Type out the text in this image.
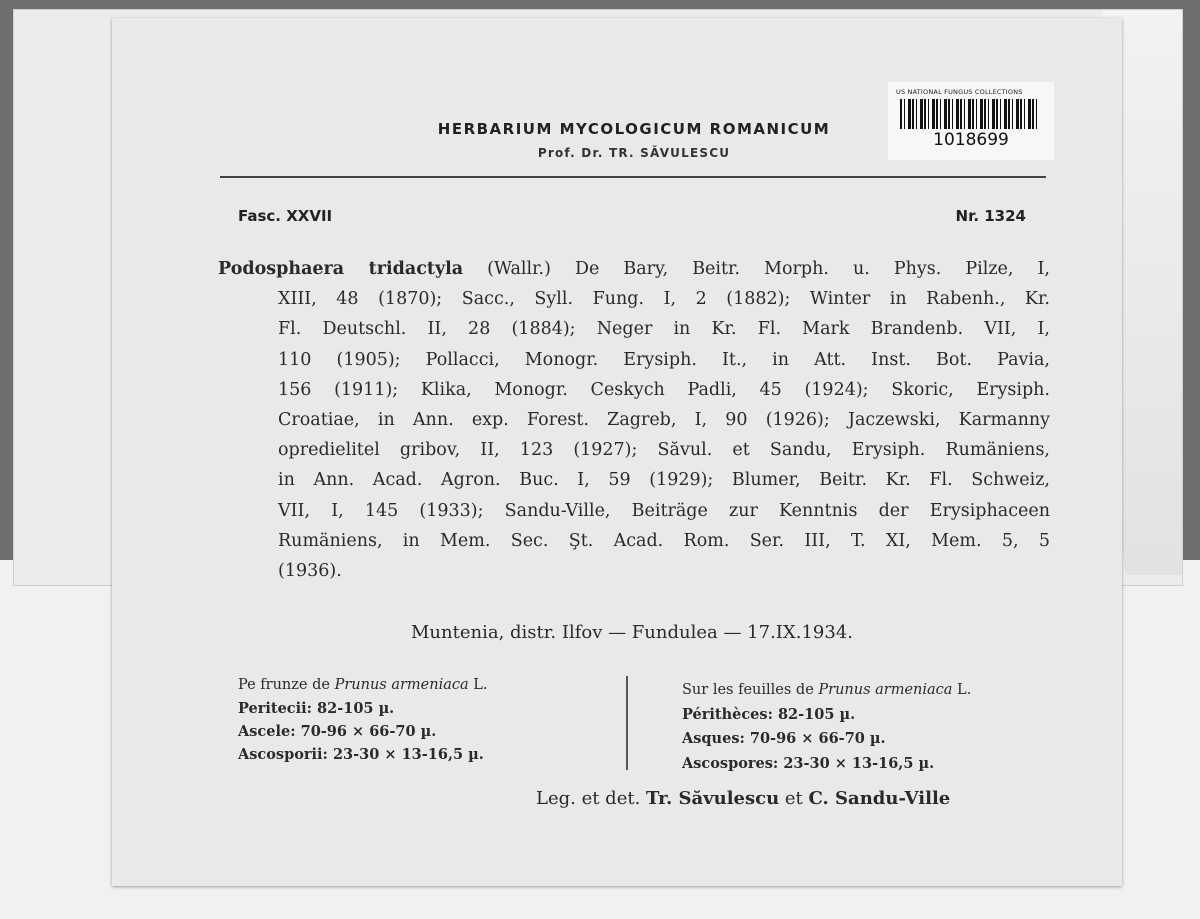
HERBARIUM MYCOLOGICUM ROMANICUM
Prof. Dr. TR. SĂVULESCU
US NATIONAL FUNGUS COLLECTIONS
1018699
Fasc. XXVII	Nr. 1324
Podosphaera tridactyla (Wallr.) De Bary, Beitr. Morph. u. Phys. Pilze, I,
XIII, 48 (1870); Sacc., Syll. Fung. I, 2 (1882); Winter in Rabenh., Kr.
Fl. Deutschl. II, 28 (1884); Neger in Kr. Fl. Mark Brandenb. VII, I,
110 (1905); Pollacci, Monogr. Erysiph. It., in Att. Inst. Bot. Pavia,
156 (1911); Klika, Monogr. Ceskych Padli, 45 (1924); Skoric, Erysiph.
Croatiae, in Ann. exp. Forest. Zagreb, I, 90 (1926); Jaczewski, Karmanny
opredielitel gribov, II, 123 (1927); Săvul. et Sandu, Erysiph. Rumäniens,
in Ann. Acad. Agron. Buc. I, 59 (1929); Blumer, Beitr. Kr. Fl. Schweiz,
VII, I, 145 (1933); Sandu-Ville, Beiträge zur Kenntnis der Erysiphaceen
Rumäniens, in Mem. Sec. Şt. Acad. Rom. Ser. III, T. XI, Mem. 5, 5
(1936).
Muntenia, distr. Ilfov — Fundulea — 17.IX.1934.
Pe frunze de Prunus armeniaca L.
Peritecii: 82-105 µ.
Ascele: 70-96 × 66-70 µ.
Ascosporii: 23-30 × 13-16,5 µ.
Sur les feuilles de Prunus armeniaca L.
Périthèces: 82-105 µ.
Asques: 70-96 × 66-70 µ.
Ascospores: 23-30 × 13-16,5 µ.
Leg. et det. Tr. Săvulescu et C. Sandu-Ville
